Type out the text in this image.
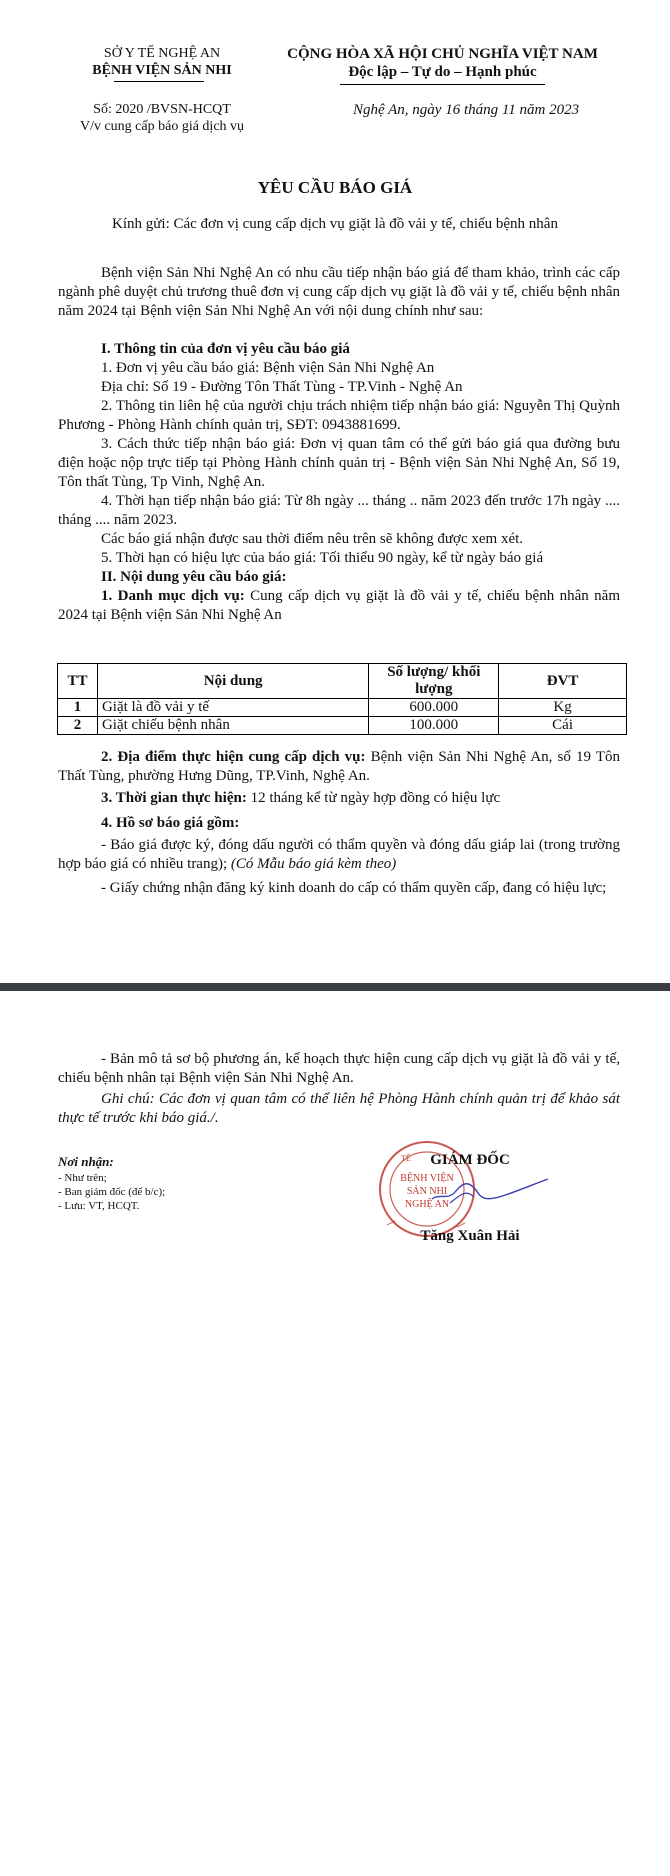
SỞ Y TẾ NGHỆ AN
BỆNH VIỆN SẢN NHI
Số: 2020 /BVSN-HCQT
V/v cung cấp báo giá dịch vụ
CỘNG HÒA XÃ HỘI CHỦ NGHĨA VIỆT NAM
Độc lập – Tự do – Hạnh phúc
Nghệ An, ngày 16 tháng 11 năm 2023
YÊU CẦU BÁO GIÁ
Kính gửi: Các đơn vị cung cấp dịch vụ giặt là đồ vải y tế, chiếu bệnh nhân
Bệnh viện Sản Nhi Nghệ An có nhu cầu tiếp nhận báo giá để tham khảo, trình các cấp ngành phê duyệt chủ trương thuê đơn vị cung cấp dịch vụ giặt là đồ vải y tế, chiếu bệnh nhân năm 2024 tại Bệnh viện Sản Nhi Nghệ An với nội dung chính như sau:
I. Thông tin của đơn vị yêu cầu báo giá
1. Đơn vị yêu cầu báo giá: Bệnh viện Sản Nhi Nghệ An
Địa chỉ: Số 19 - Đường Tôn Thất Tùng - TP.Vinh - Nghệ An
2. Thông tin liên hệ của người chịu trách nhiệm tiếp nhận báo giá: Nguyễn Thị Quỳnh Phương - Phòng Hành chính quản trị, SĐT: 0943881699.
3. Cách thức tiếp nhận báo giá: Đơn vị quan tâm có thể gửi báo giá qua đường bưu điện hoặc nộp trực tiếp tại Phòng Hành chính quản trị - Bệnh viện Sản Nhi Nghệ An, Số 19, Tôn thất Tùng, Tp Vinh, Nghệ An.
4. Thời hạn tiếp nhận báo giá: Từ 8h ngày ... tháng .. năm 2023 đến trước 17h ngày .... tháng .... năm 2023.
Các báo giá nhận được sau thời điểm nêu trên sẽ không được xem xét.
5. Thời hạn có hiệu lực của báo giá: Tối thiểu 90 ngày, kể từ ngày báo giá
II. Nội dung yêu cầu báo giá:
1. Danh mục dịch vụ: Cung cấp dịch vụ giặt là đồ vải y tế, chiếu bệnh nhân năm 2024 tại Bệnh viện Sản Nhi Nghệ An
TT	Nội dung	Số lượng/ khối lượng	ĐVT
1	Giặt là đồ vải y tế	600.000	Kg
2	Giặt chiếu bệnh nhân	100.000	Cái
2. Địa điểm thực hiện cung cấp dịch vụ: Bệnh viện Sản Nhi Nghệ An, số 19 Tôn Thất Tùng, phường Hưng Dũng, TP.Vinh, Nghệ An.
3. Thời gian thực hiện: 12 tháng kể từ ngày hợp đồng có hiệu lực
4. Hồ sơ báo giá gồm:
- Báo giá được ký, đóng dấu người có thẩm quyền và đóng dấu giáp lai (trong trường hợp báo giá có nhiều trang); (Có Mẫu báo giá kèm theo)
- Giấy chứng nhận đăng ký kinh doanh do cấp có thẩm quyền cấp, đang có hiệu lực;
- Bản mô tả sơ bộ phương án, kế hoạch thực hiện cung cấp dịch vụ giặt là đồ vải y tế, chiếu bệnh nhân tại Bệnh viện Sản Nhi Nghệ An.
Ghi chú: Các đơn vị quan tâm có thể liên hệ Phòng Hành chính quản trị để khảo sát thực tế trước khi báo giá./.
Nơi nhận:
- Như trên;
- Ban giám đốc (để b/c);
- Lưu: VT, HCQT.
TẾ
BỆNH VIỆN
SẢN NHI
NGHỆ AN
GIÁM ĐỐC
Tăng Xuân Hải
